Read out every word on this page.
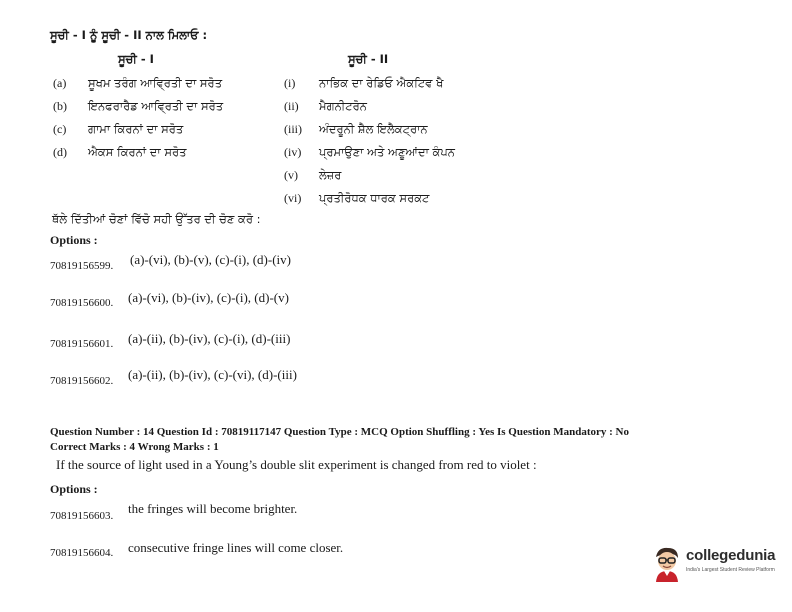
ਸੂਚੀ - I ਨੂੰ ਸੂਚੀ - II ਨਾਲ ਮਿਲਾਓ :
ਸੂਚੀ - I
(a) ਸੂਖਮ ਤਰੰਗ ਆਵ੍ਰਿਤੀ ਦਾ ਸਰੋਤ
(b) ਇਨਫਰਾਰੈਡ ਆਵ੍ਰਿਤੀ ਦਾ ਸਰੋਤ
(c) ਗਾਮਾ ਕਿਰਨਾਂ ਦਾ ਸਰੋਤ
(d) ਐਕਸ ਕਿਰਨਾਂ ਦਾ ਸਰੋਤ
ਸੂਚੀ - II
(i) ਨਾਭਿਕ ਦਾ ਰੇਡਿਓ ਐਕਟਿਵ ਖੈ
(ii) ਮੈਗਨੀਟਰੋਨ
(iii) ਅੰਦਰੂਨੀ ਸ਼ੈਲ ਇਲੈਕਟ੍ਰਾਨ
(iv) ਪ੍ਰਮਾਉਣਾ ਅਤੇ ਅਣੂਆਂਦਾ ਕੰਪਨ
(v) ਲੇਜ਼ਰ
(vi) ਪ੍ਰਤੀਰੋਧਕ ਧਾਰਕ ਸਰਕਟ
ਥੱਲੇ ਦਿੱਤੀਆਂ ਚੋਣਾਂ ਵਿੱਚੋ ਸਹੀ ਉੱਤਰ ਦੀ ਚੋਣ ਕਰੋ :
Options :
70819156599. (a)-(vi), (b)-(v), (c)-(i), (d)-(iv)
70819156600. (a)-(vi), (b)-(iv), (c)-(i), (d)-(v)
70819156601. (a)-(ii), (b)-(iv), (c)-(i), (d)-(iii)
70819156602. (a)-(ii), (b)-(iv), (c)-(vi), (d)-(iii)
Question Number : 14 Question Id : 70819117147 Question Type : MCQ Option Shuffling : Yes Is Question Mandatory : No
Correct Marks : 4 Wrong Marks : 1
If the source of light used in a Young’s double slit experiment is changed from red to violet :
Options :
70819156603. the fringes will become brighter.
70819156604. consecutive fringe lines will come closer.	collegedunia
India's Largest Student Review Platform
